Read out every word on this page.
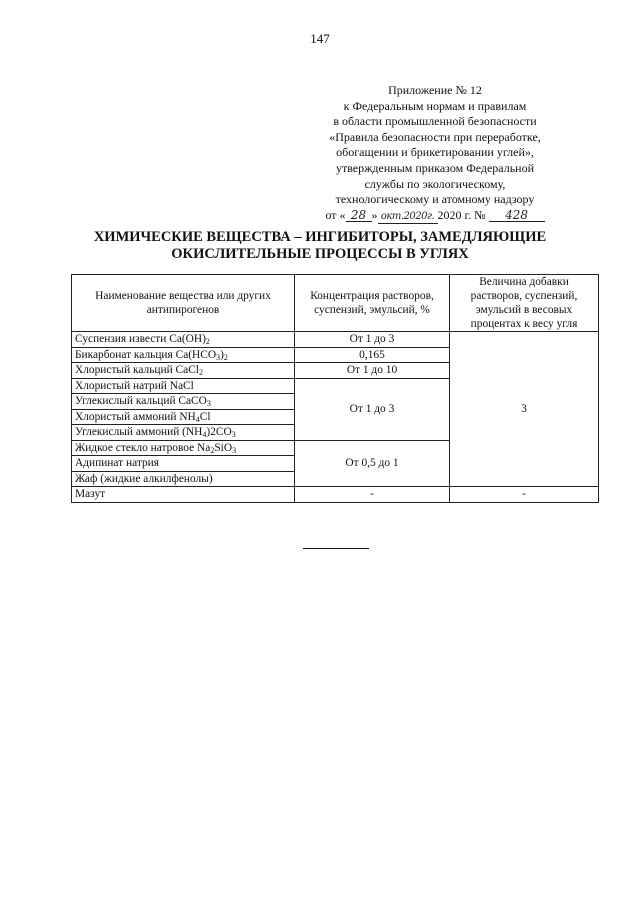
147
Приложение № 12
к Федеральным нормам и правилам
в области промышленной безопасности
«Правила безопасности при переработке,
обогащении и брикетировании углей»,
утвержденным приказом Федеральной
службы по экологическому,
технологическому и атомному надзору
от « 28 » окт.2020г. 2020 г. № 428
ХИМИЧЕСКИЕ ВЕЩЕСТВА – ИНГИБИТОРЫ, ЗАМЕДЛЯЮЩИЕ
ОКИСЛИТЕЛЬНЫЕ ПРОЦЕССЫ В УГЛЯХ
Наименование вещества или других антипирогенов	Концентрация растворов, суспензий, эмульсий, %	Величина добавки растворов, суспензий, эмульсий в весовых процентах к весу угля
Суспензия извести $Ca(OH)_2$	От 1 до 3	3
Бикарбонат кальция $Ca(HCO_3)_2$	0,165	
Хлористый кальций CaCl$_2$	От 1 до 10	
Хлористый натрий NaCl	От 1 до 3	
Углекислый кальций CaCO$_3$
Хлористый аммоний $NH_4Cl$		
Углекислый аммоний $(NH_4)2CO_3$
Жидкое стекло натровое $Na_2SiO_3$	От 0,5 до 1	
Адипинат натрия		
Жаф (жидкие алкилфенолы)		
Мазут	-	-
